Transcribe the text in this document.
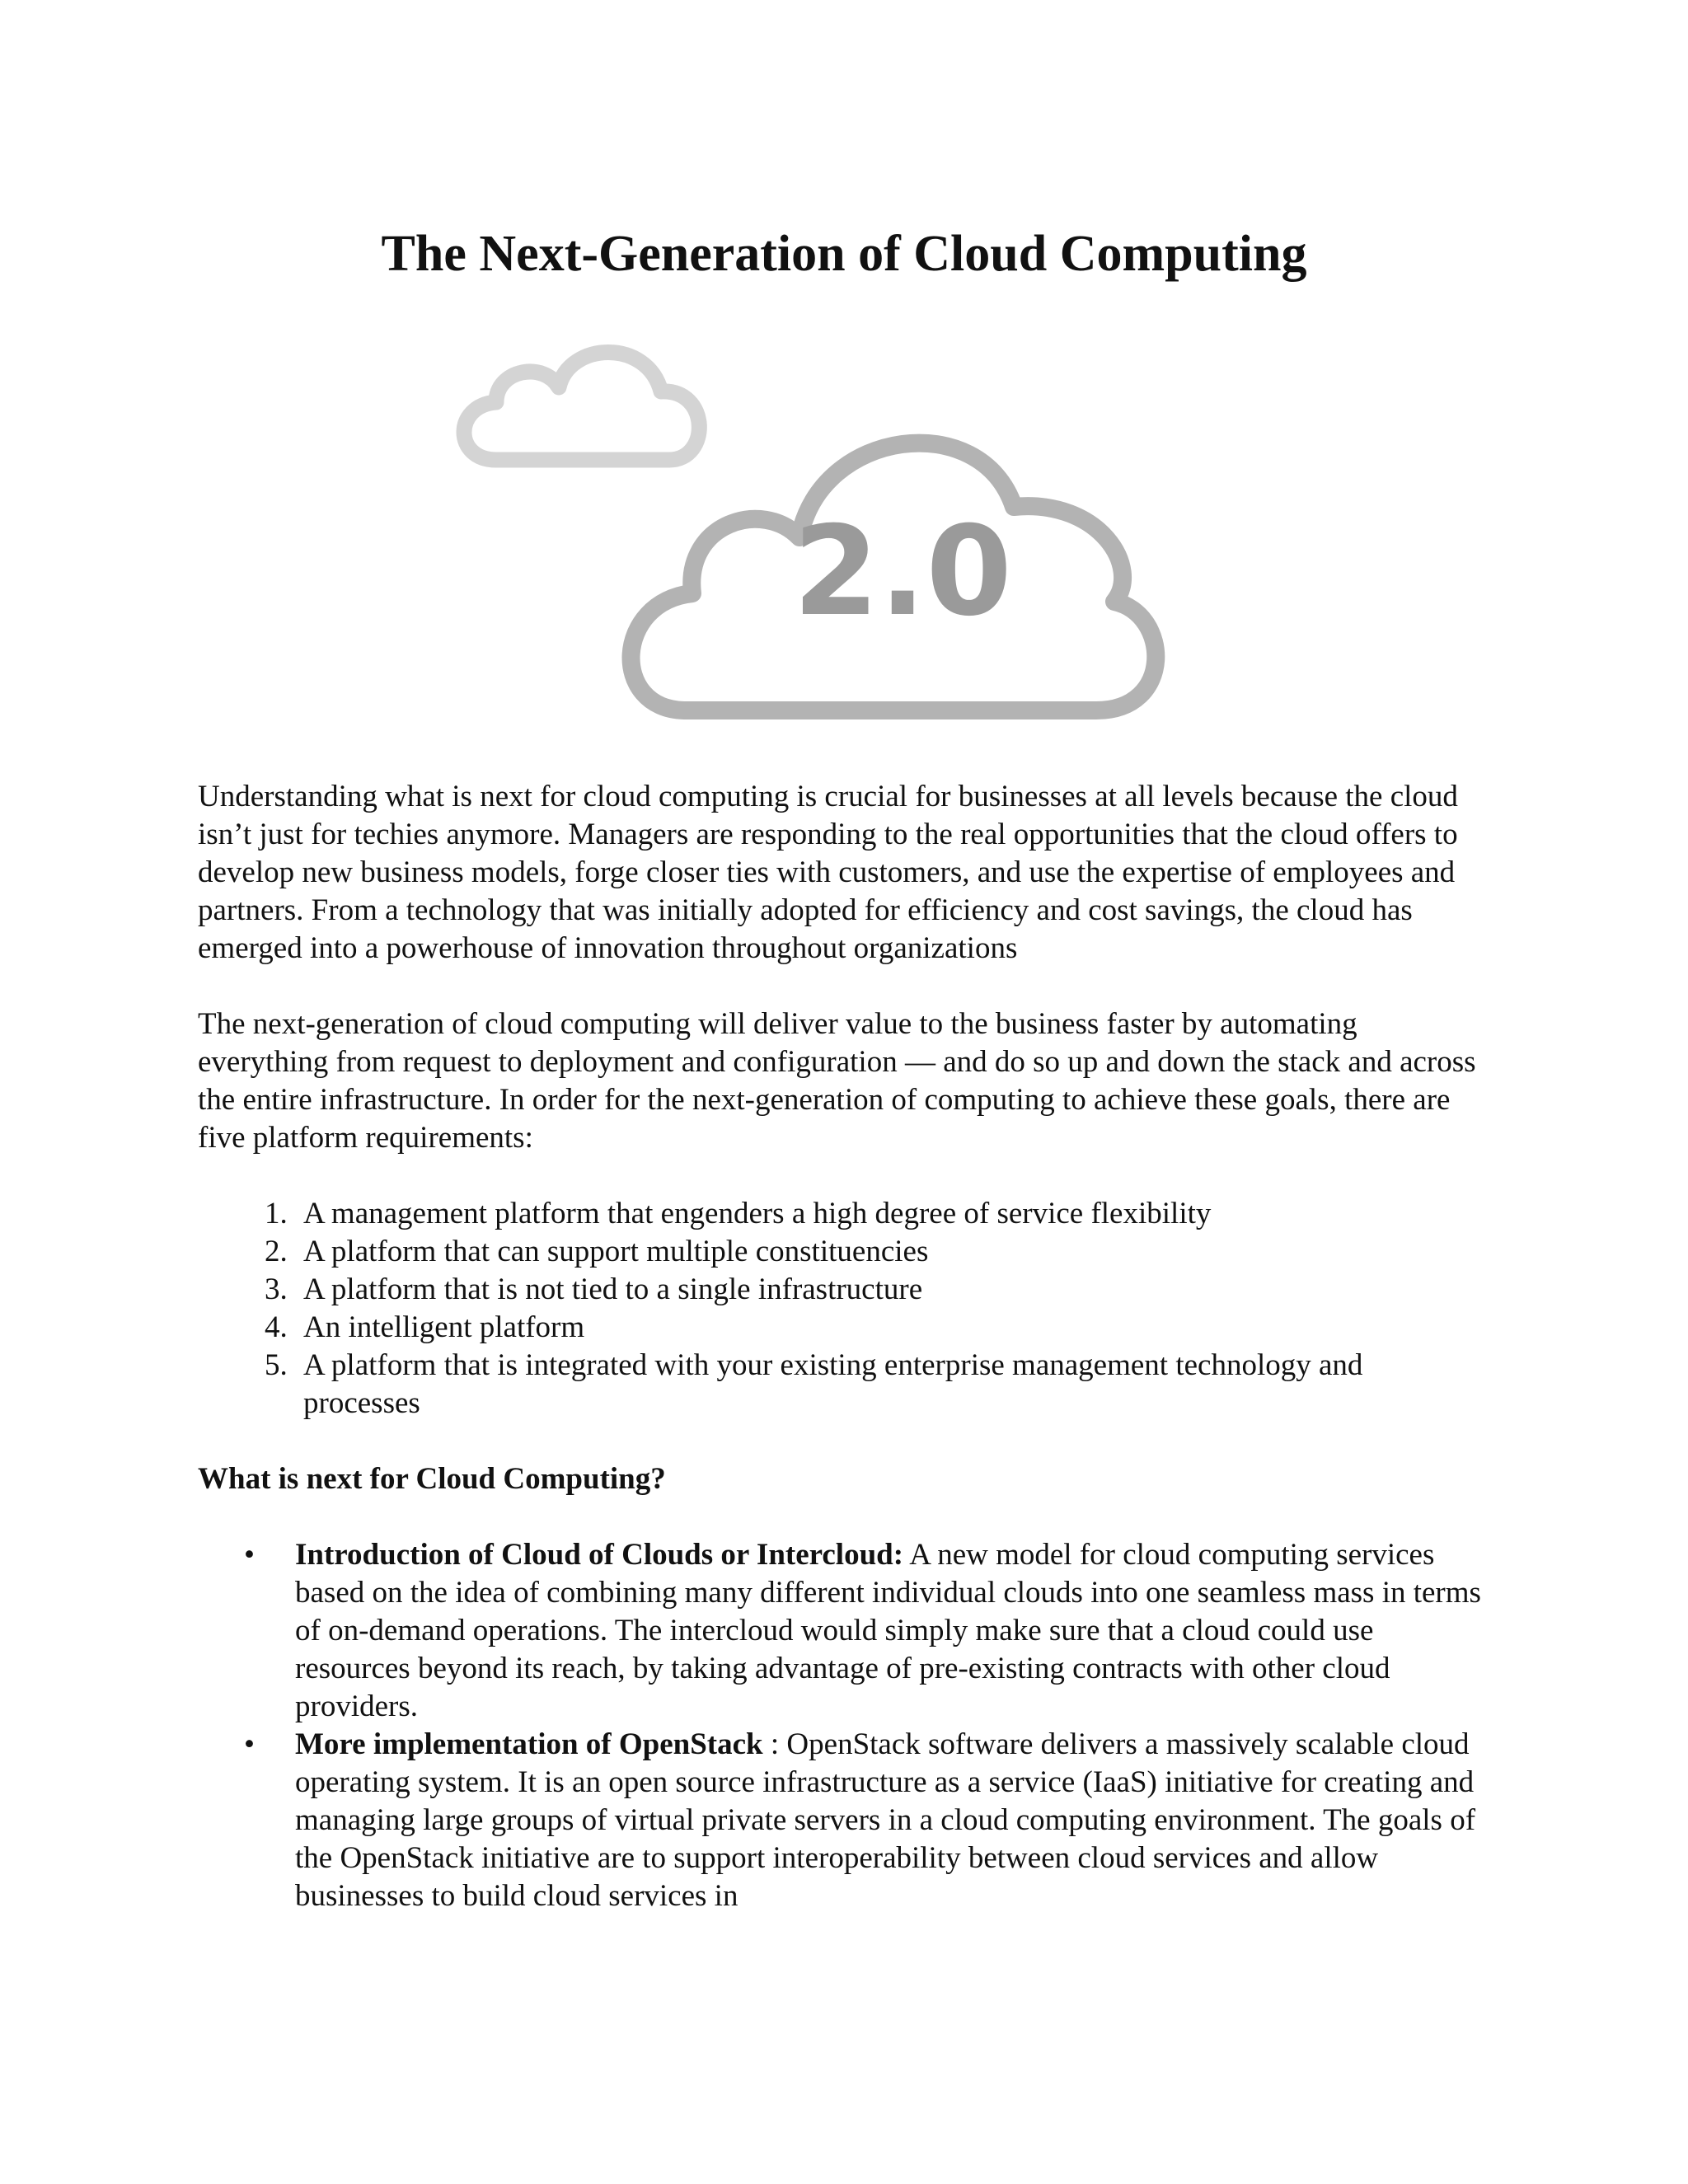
The Next-Generation of Cloud Computing
2.0

Understanding what is next for cloud computing is crucial for businesses at all levels because the cloud isn’t just for techies anymore. Managers are responding to the real opportunities that the cloud offers to develop new business models, forge closer ties with customers, and use the expertise of employees and partners. From a technology that was initially adopted for efficiency and cost savings, the cloud has emerged into a powerhouse of innovation throughout organizations

The next-generation of cloud computing will deliver value to the business faster by automating everything from request to deployment and configuration — and do so up and down the stack and across the entire infrastructure. In order for the next-generation of computing to achieve these goals, there are five platform requirements:

1. A management platform that engenders a high degree of service flexibility
2. A platform that can support multiple constituencies
3. A platform that is not tied to a single infrastructure
4. An intelligent platform
5. A platform that is integrated with your existing enterprise management technology and processes

What is next for Cloud Computing?

• Introduction of Cloud of Clouds or Intercloud: A new model for cloud computing services based on the idea of combining many different individual clouds into one seamless mass in terms of on-demand operations. The intercloud would simply make sure that a cloud could use resources beyond its reach, by taking advantage of pre-existing contracts with other cloud providers.
• More implementation of OpenStack : OpenStack software delivers a massively scalable cloud operating system. It is an open source infrastructure as a service (IaaS) initiative for creating and managing large groups of virtual private servers in a cloud computing environment. The goals of the OpenStack initiative are to support interoperability between cloud services and allow businesses to build cloud services in
